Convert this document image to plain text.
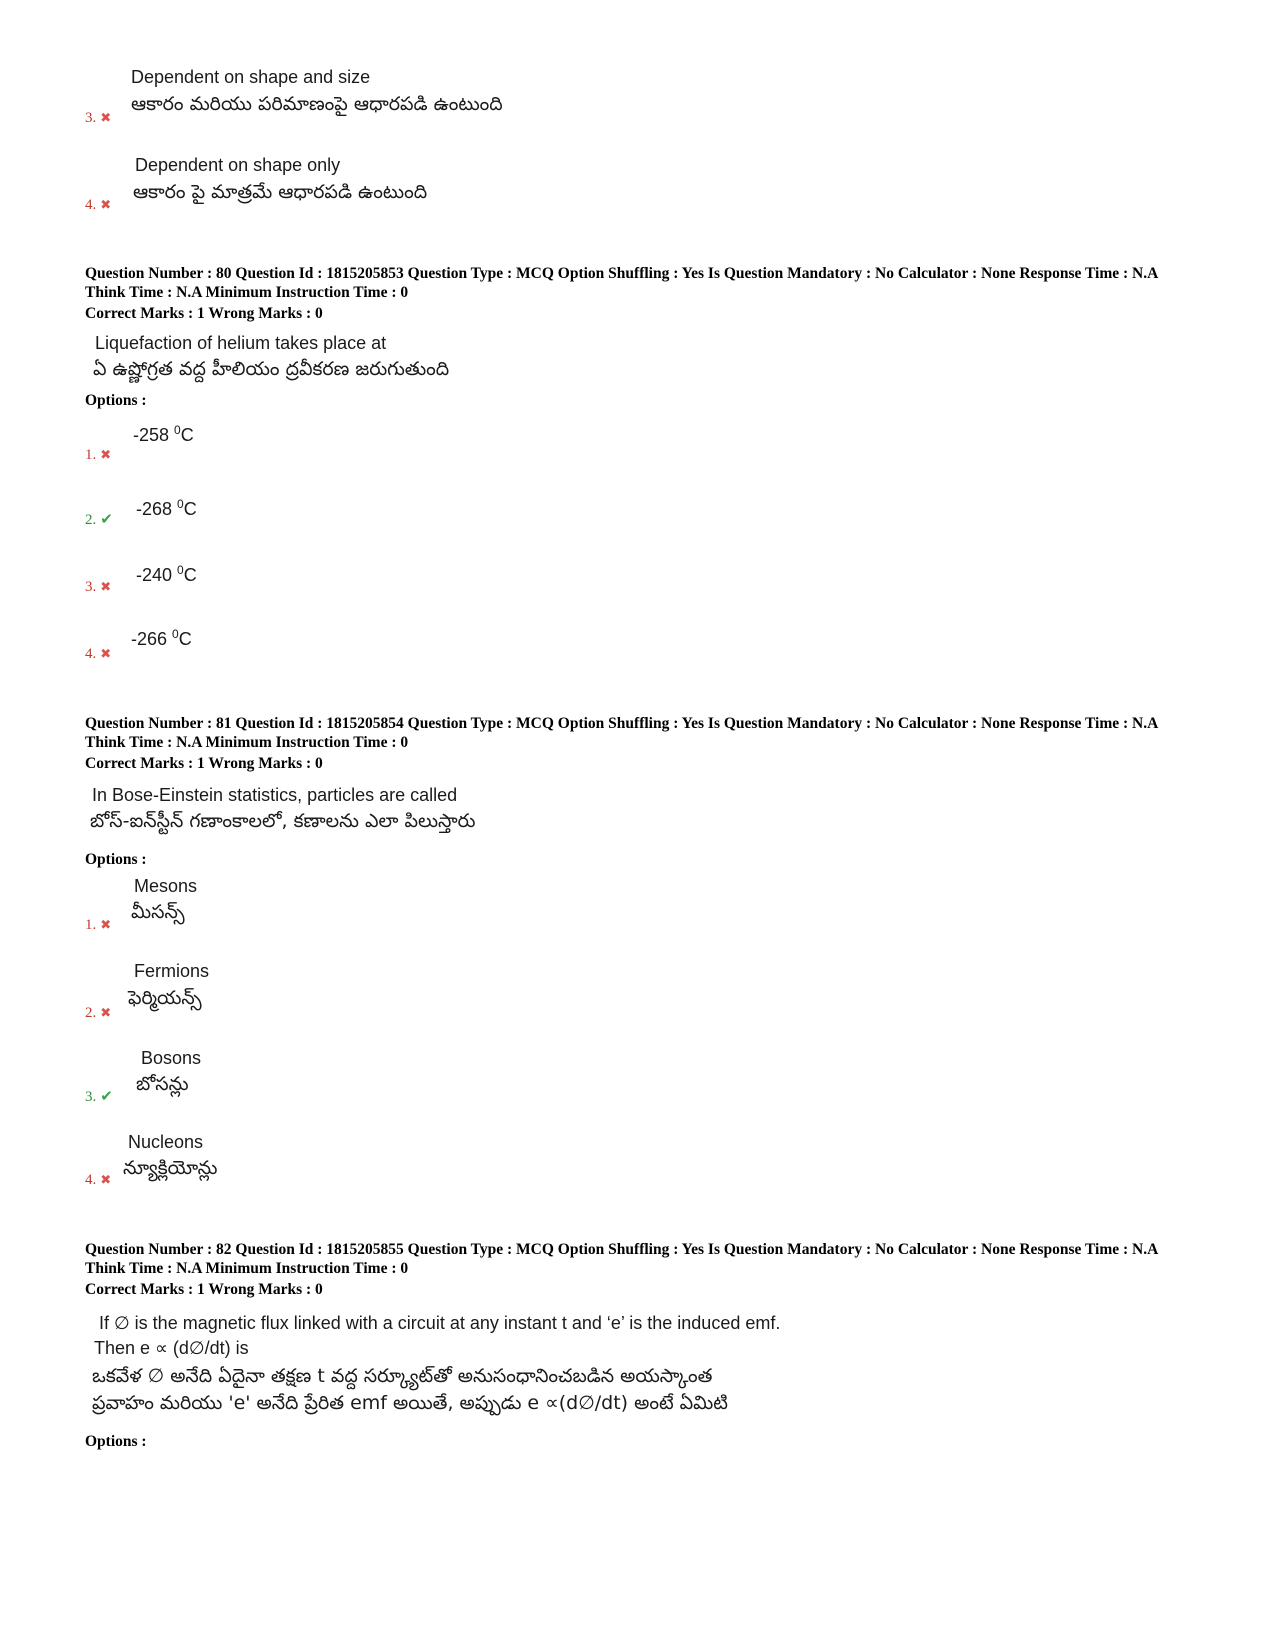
Dependent on shape and size
ఆకారం మరియు పరిమాణంపై ఆధారపడి ఉంటుంది
3. ✖
Dependent on shape only
ఆకారం పై మాత్రమే ఆధారపడి ఉంటుంది
4. ✖
Question Number : 80 Question Id : 1815205853 Question Type : MCQ Option Shuffling : Yes Is Question Mandatory : No Calculator : None Response Time : N.A Think Time : N.A Minimum Instruction Time : 0
Correct Marks : 1 Wrong Marks : 0
Liquefaction of helium takes place at
ఏ ఉష్ణోగ్రత వద్ద హీలియం ద్రవీకరణ జరుగుతుంది
Options :
-258 $^0$C
1. ✖
-268 $^0$C
2. ✔
-240 $^0$C
3. ✖
-266 $^0$C
4. ✖
Question Number : 81 Question Id : 1815205854 Question Type : MCQ Option Shuffling : Yes Is Question Mandatory : No Calculator : None Response Time : N.A Think Time : N.A Minimum Instruction Time : 0
Correct Marks : 1 Wrong Marks : 0
In Bose-Einstein statistics, particles are called
బోస్-ఐన్‌స్టీన్ గణాంకాలలో, కణాలను ఎలా పిలుస్తారు
Options :
Mesons
మీసన్స్
1. ✖
Fermions
ఫెర్మియన్స్
2. ✖
Bosons
బోసన్లు
3. ✔
Nucleons
న్యూక్లియోన్లు
4. ✖
Question Number : 82 Question Id : 1815205855 Question Type : MCQ Option Shuffling : Yes Is Question Mandatory : No Calculator : None Response Time : N.A Think Time : N.A Minimum Instruction Time : 0
Correct Marks : 1 Wrong Marks : 0
If ∅ is the magnetic flux linked with a circuit at any instant t and ‘e’ is the induced emf.
Then e ∝ (d∅/dt) is
ఒకవేళ ∅ అనేది ఏదైనా తక్షణ t వద్ద సర్క్యూట్‌తో అనుసంధానించబడిన అయస్కాంత
ప్రవాహం మరియు 'e' అనేది ప్రేరిత emf అయితే, అప్పుడు e ∝(d∅/dt) అంటే ఏమిటి
Options :
